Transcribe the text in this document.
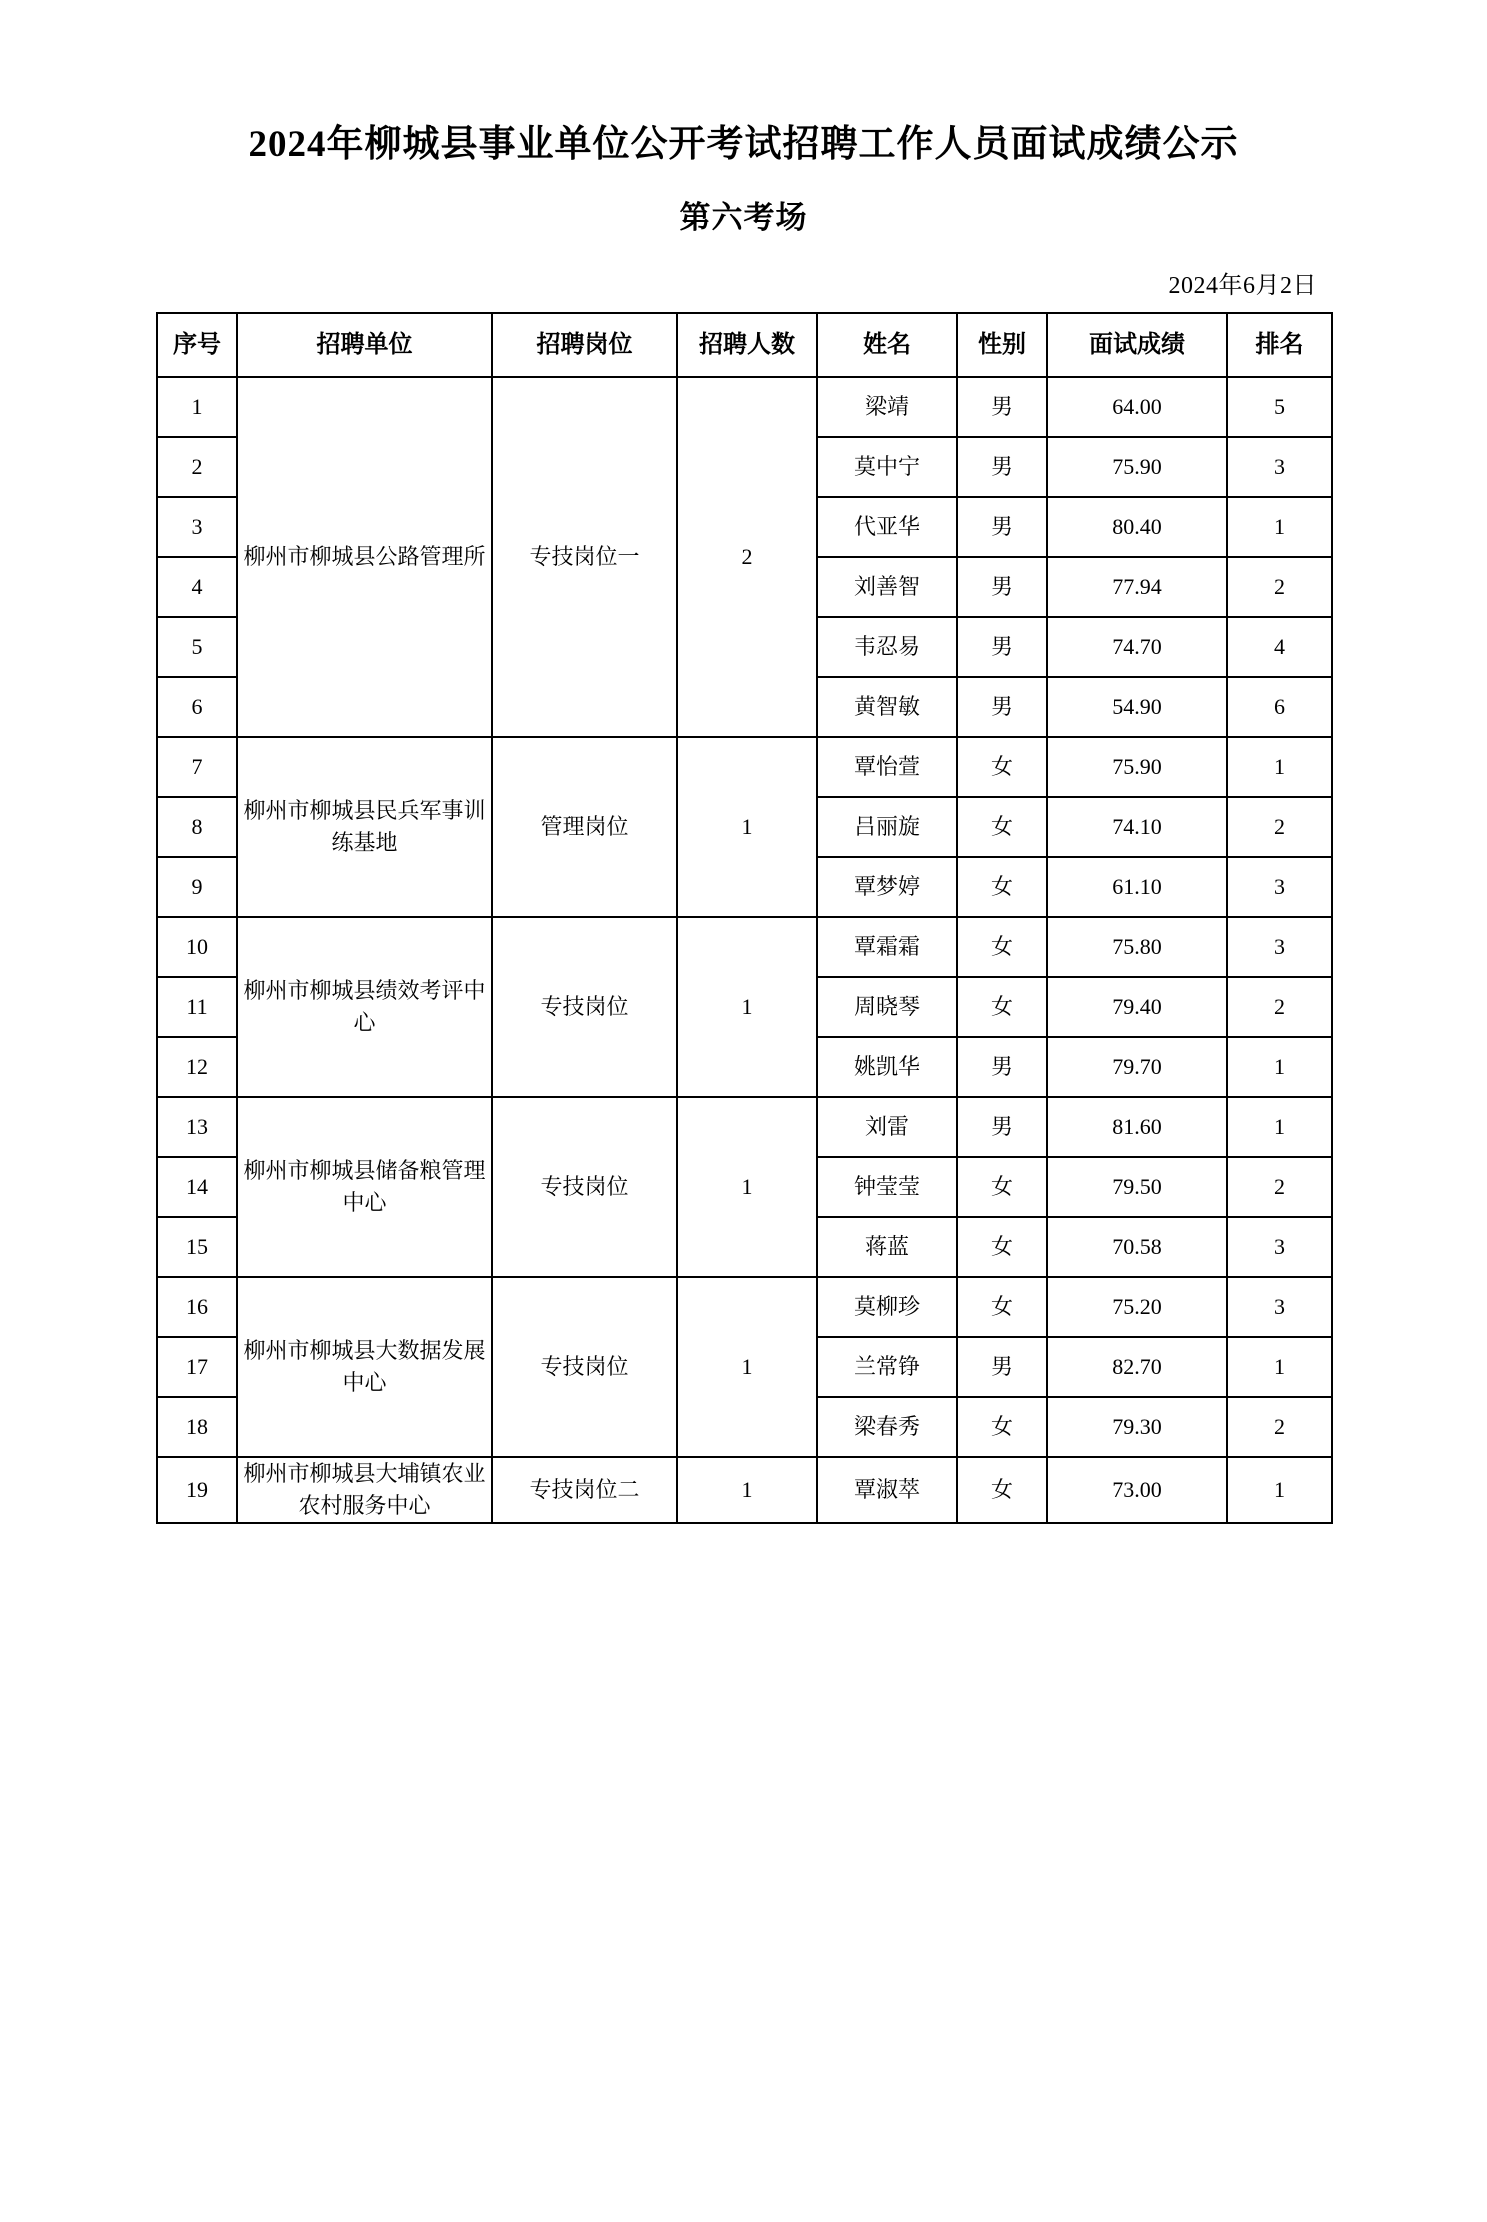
2024年柳城县事业单位公开考试招聘工作人员面试成绩公示
第六考场
2024年6月2日
序号	招聘单位	招聘岗位	招聘人数	姓名	性别	面试成绩	排名
1	柳州市柳城县公路管理所	专技岗位一	2	梁靖	男	64.00	5
2				莫中宁	男	75.90	3
3				代亚华	男	80.40	1
4				刘善智	男	77.94	2
5				韦忍易	男	74.70	4
6				黄智敏	男	54.90	6
7	柳州市柳城县民兵军事训练基地	管理岗位	1	覃怡萱	女	75.90	1
8				吕丽旋	女	74.10	2
9				覃梦婷	女	61.10	3
10	柳州市柳城县绩效考评中心	专技岗位	1	覃霜霜	女	75.80	3
11				周晓琴	女	79.40	2
12				姚凯华	男	79.70	1
13	柳州市柳城县储备粮管理中心	专技岗位	1	刘雷	男	81.60	1
14				钟莹莹	女	79.50	2
15				蒋蓝	女	70.58	3
16	柳州市柳城县大数据发展中心	专技岗位	1	莫柳珍	女	75.20	3
17				兰常铮	男	82.70	1
18				梁春秀	女	79.30	2
19	柳州市柳城县大埔镇农业农村服务中心	专技岗位二	1	覃淑萃	女	73.00	1
